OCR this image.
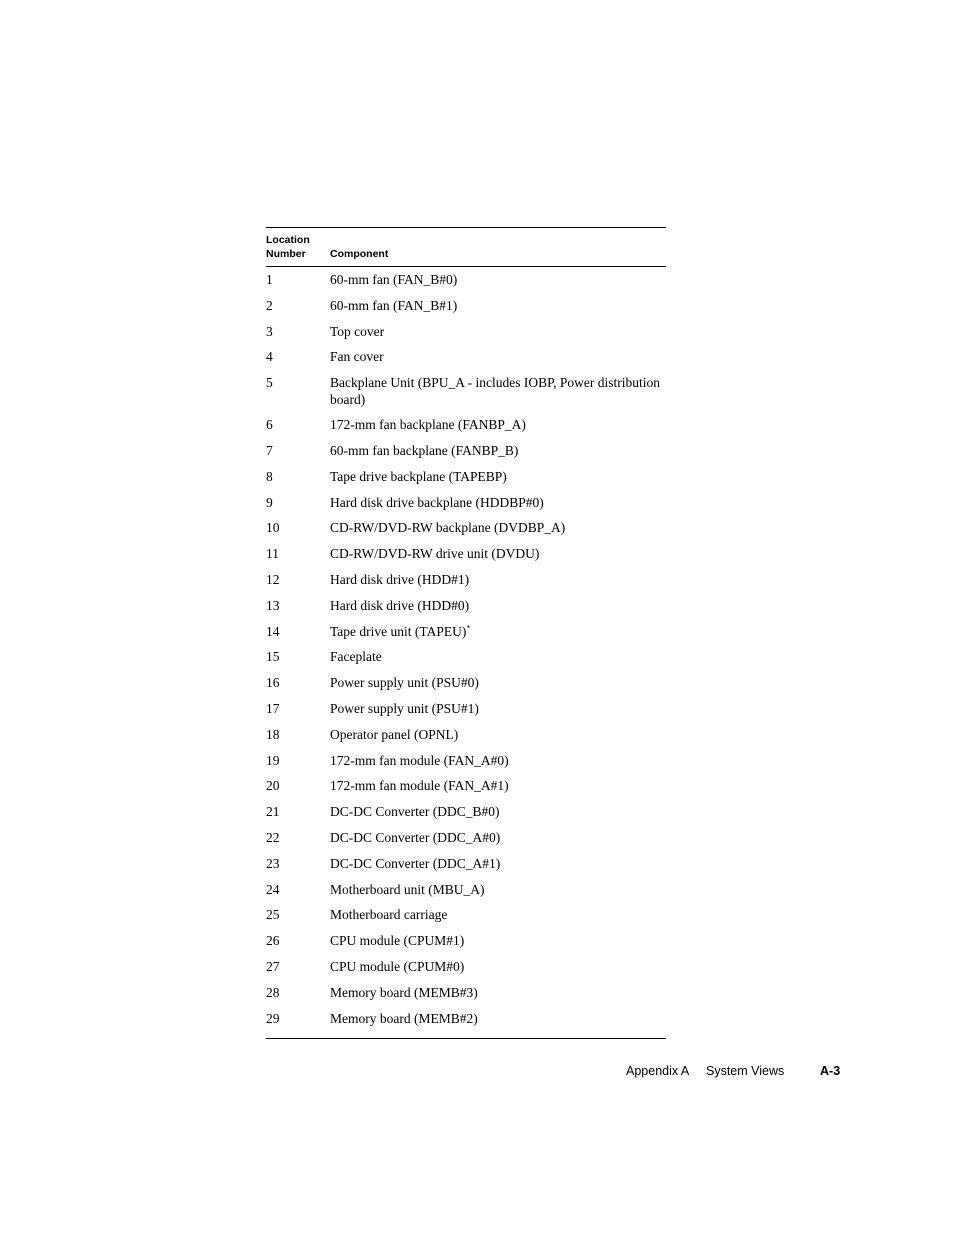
Location
Number	Component
1	60-mm fan (FAN_B#0)
2	60-mm fan (FAN_B#1)
3	Top cover
4	Fan cover
5	Backplane Unit (BPU_A - includes IOBP, Power distribution board)
6	172-mm fan backplane (FANBP_A)
7	60-mm fan backplane (FANBP_B)
8	Tape drive backplane (TAPEBP)
9	Hard disk drive backplane (HDDBP#0)
10	CD-RW/DVD-RW backplane (DVDBP_A)
11	CD-RW/DVD-RW drive unit (DVDU)
12	Hard disk drive (HDD#1)
13	Hard disk drive (HDD#0)
14	Tape drive unit (TAPEU)*
15	Faceplate
16	Power supply unit (PSU#0)
17	Power supply unit (PSU#1)
18	Operator panel (OPNL)
19	172-mm fan module (FAN_A#0)
20	172-mm fan module (FAN_A#1)
21	DC-DC Converter (DDC_B#0)
22	DC-DC Converter (DDC_A#0)
23	DC-DC Converter (DDC_A#1)
24	Motherboard unit (MBU_A)
25	Motherboard carriage
26	CPU module (CPUM#1)
27	CPU module (CPUM#0)
28	Memory board (MEMB#3)
29	Memory board (MEMB#2)
Appendix A System Views	A-3
